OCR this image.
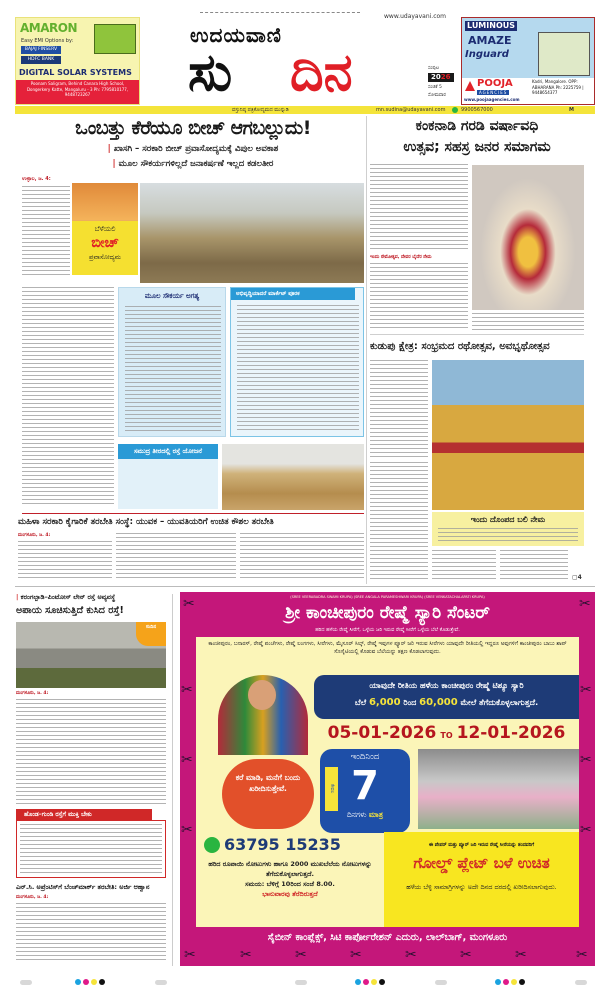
AMARON
Easy EMI Options by:
BAJAJ FINSERV
HDFC BANK
DIGITAL SOLAR SYSTEMS
Poonam Saligram, Behind Canara High School, Dongerkery Katte, Mangaluru - 3 Ph: 7795810177, 9448723267
www.udayavani.com
ಉದಯವಾಣಿ
ಸು ದಿನ	ಸಂಪುಟ
2026
ಸಂಚಿಕೆ 5
ಸೋಮವಾರ
ವಸ್ತುನಿಷ್ಠ ಪತ್ರಿಕೋದ್ಯಮದ ಮುನ್ನುಡಿ	mn.sudina@udayavani.com	9900567000	M
LUMINOUS
AMAZE
Inguard
POOJA
AGENCIES
www.poojaagencies.com
Kadri, Mangalore. OPP: ABHARANA Ph: 2225759 | 9448654377
ಒಂಬತ್ತು ಕೆರೆಯೂ ಬೀಚ್ ಆಗಬಲ್ಲುದು!
| ಖಾಸಗಿ – ಸರಕಾರಿ ಬೀಚ್ ಪ್ರವಾಸೋದ್ಯಮಕ್ಕೆ ವಿಪುಲ ಅವಕಾಶ
| ಮೂಲ ಸೌಕರ್ಯಗಳಿಲ್ಲದೆ ಜನಾಕರ್ಷಣೆ ಇಲ್ಲದ ಕಡಲತೀರ
ಉಳ್ಳಾಲ, ಜ. 4:
ಬೆಳೆಯಲಿ
ಬೀಚ್
ಪ್ರವಾಸೋದ್ಯಮ
ಮೂಲ ಸೌಕರ್ಯ ಅಗತ್ಯ	ಅಭಿವೃದ್ಧಿಯಾದರೆ ಮಾರ್ಕೆಟ್ ಪೂರಕ
ಸಮುದ್ರ ತೀರದಲ್ಲಿ ರಸ್ತೆ ಯೋಜನೆ
ಕಂಕನಾಡಿ ಗರಡಿ ವರ್ಷಾವಧಿ
ಉತ್ಸವ; ಸಹಸ್ರ ಜನರ ಸಮಾಗಮ
ಇಂದು ನೇಮೋತ್ಸವ, ದೇವರ ಬೈದೆರ ನೇಮ
ಕುಡುಪು ಕ್ಷೇತ್ರ: ಸಂಭ್ರಮದ ರಥೋತ್ಸವ, ಅವಭೃಥೋತ್ಸವ
ಇಂದು ದೊಂಪದ ಬಲಿ ನೇಮ
▢4
ಮಹಿಳಾ ಸರಕಾರಿ ಕೈಗಾರಿಕೆ ತರಬೇತಿ ಸಂಸ್ಥೆ: ಯುವಕ – ಯುವತಿಯರಿಗೆ ಉಚಿತ ಕೌಶಲ ತರಬೇತಿ
ಮಂಗಳೂರು, ಜ. 4:
| ಕರಂಗಲ್ಪಾಡಿ–ಪಿಂಟೋಸ್ ಲೇನ್ ರಸ್ತೆ ಅವ್ಯವಸ್ಥೆ
ಅಪಾಯ ಸೂಚಿಸುತ್ತಿದೆ ಕುಸಿದ ರಸ್ತೆ!
ಸುದಿನ
ಮಂಗಳೂರು, ಜ. 4:
ಹೊಂಡ–ಗುಂಡಿ ರಸ್ತೆಗೆ ಮುಕ್ತಿ ಬೇಕು
ಎನ್.ಸಿ. ಅಪ್ರೆಂಟಿಸ್‌ಗೆ ಬೆಂಚ್‌ಮಾರ್ಕ್ ತರಬೇತಿ: ಅರ್ಜಿ ಆಹ್ವಾನ
ಮಂಗಳೂರು, ಜ. 4:
(SREE VEERABADRA SWAMI KRUPA) (SREE ANGALA PARAMESHWARI KRUPA) (SREE VENKATACHALAPATI KRUPA)
ಶ್ರೀ ಕಾಂಚೀಪುರಂ ರೇಷ್ಮೆ ಸ್ಯಾರಿ ಸೆಂಟರ್
ಹರಿದ ಹಳೆಯ ರೇಷ್ಮೆ ಸೀರೆಗೆ, ಒಳ್ಳೆಯ ಜರಿ ಇರುವ ರೇಷ್ಮೆ ಸೀರೆಗೆ ಒಳ್ಳೆಯ ಬೆಲೆ ಕೊಡುತ್ತೇವೆ.
✂	✂
✂
✂
✂
✂
✂
✂
ಕಾಂಚೀಪುರಂ, ಬನಾರಸ್, ರೇಷ್ಮೆ ಪಂಚೆಗಳು, ರೇಷ್ಮೆ ಲಂಗಗಳು, ಸೀರೆಗಳು, ಮೈಸೂರ್ ಸಿಲ್ಕ್, ರೇಷ್ಮೆ ಇವುಗಳ ಪ್ಯೂರ್ ಜರಿ ಇರುವ ಸೀರೆಗಳು ಯಾವುದೇ ರೀತಿಯಲ್ಲಿ ಇದ್ದರೂ ಅವುಗಳಿಗೆ ಕಾಂಚೀಪುರಂ ಬಾಬು ಶಾಪ್ ಸೊಸೈಟಿಯಲ್ಲಿ ಕೊಡುವ ಬೆಲೆಯನ್ನು ತಕ್ಷಣ ಕೊಡಲಾಗುವುದು.
ಯಾವುದೇ ರೀತಿಯ ಹಳೆಯ ಕಾಂಚೀಪುರಂ ರೇಷ್ಮೆ ಟಿಶ್ಯೂ ಸ್ಯಾರಿ
ಬೆಲೆ 6,000 ರಿಂದ 60,000 ಮೇಲೆ ತೆಗೆದುಕೊಳ್ಳಲಾಗುತ್ತದೆ.
05-01-2026 TO 12-01-2026
ಕರೆ ಮಾಡಿ, ಮನೆಗೆ ಬಂದು ಖರೀದಿಸುತ್ತೇವೆ.
ಇಂದಿನಿಂದ
ಕೇವಲ 7
ದಿನಗಳು ಮಾತ್ರ
63795 15235
ಹರಿದ ರೂಪಾಯಿ ನೋಟುಗಳು ಹಾಗೂ 2000 ಮುಖಬೆಲೆಯ ನೋಟುಗಳನ್ನು ತೆಗೆದುಕೊಳ್ಳಲಾಗುತ್ತದೆ.
ಸಮಯ: ಬೆಳಿಗ್ಗೆ 10ರಿಂದ ಸಂಜೆ 8.00.
ಭಾನುವಾರವು ತೆರೆದಿರುತ್ತದೆ
ಈ ಪೇಪರ್ ಮತ್ತು ಪ್ಯೂರ್ ಜರಿ ಇರುವ ರೇಷ್ಮೆ ಸೀರೆಯನ್ನು ತಂದವರಿಗೆ
ಗೋಲ್ಡ್ ಪ್ಲೇಟ್ ಬಳೆ ಉಚಿತ
ಹಳೆಯ ಬೆಳ್ಳಿ ಸಾಮಾಗ್ರಿಗಳನ್ನು ಅದೇ ದಿನದ ದರದಲ್ಲಿ ಖರೀದಿಸಲಾಗುವುದು.
ಸೈಬೀನ್ ಕಾಂಪ್ಲೆಕ್ಸ್, ಸಿಟಿ ಕಾರ್ಪೋರೇಶನ್ ಎದುರು, ಲಾಲ್‌ಬಾಗ್, ಮಂಗಳೂರು
✂	✂	✂	✂	✂	✂	✂	✂
